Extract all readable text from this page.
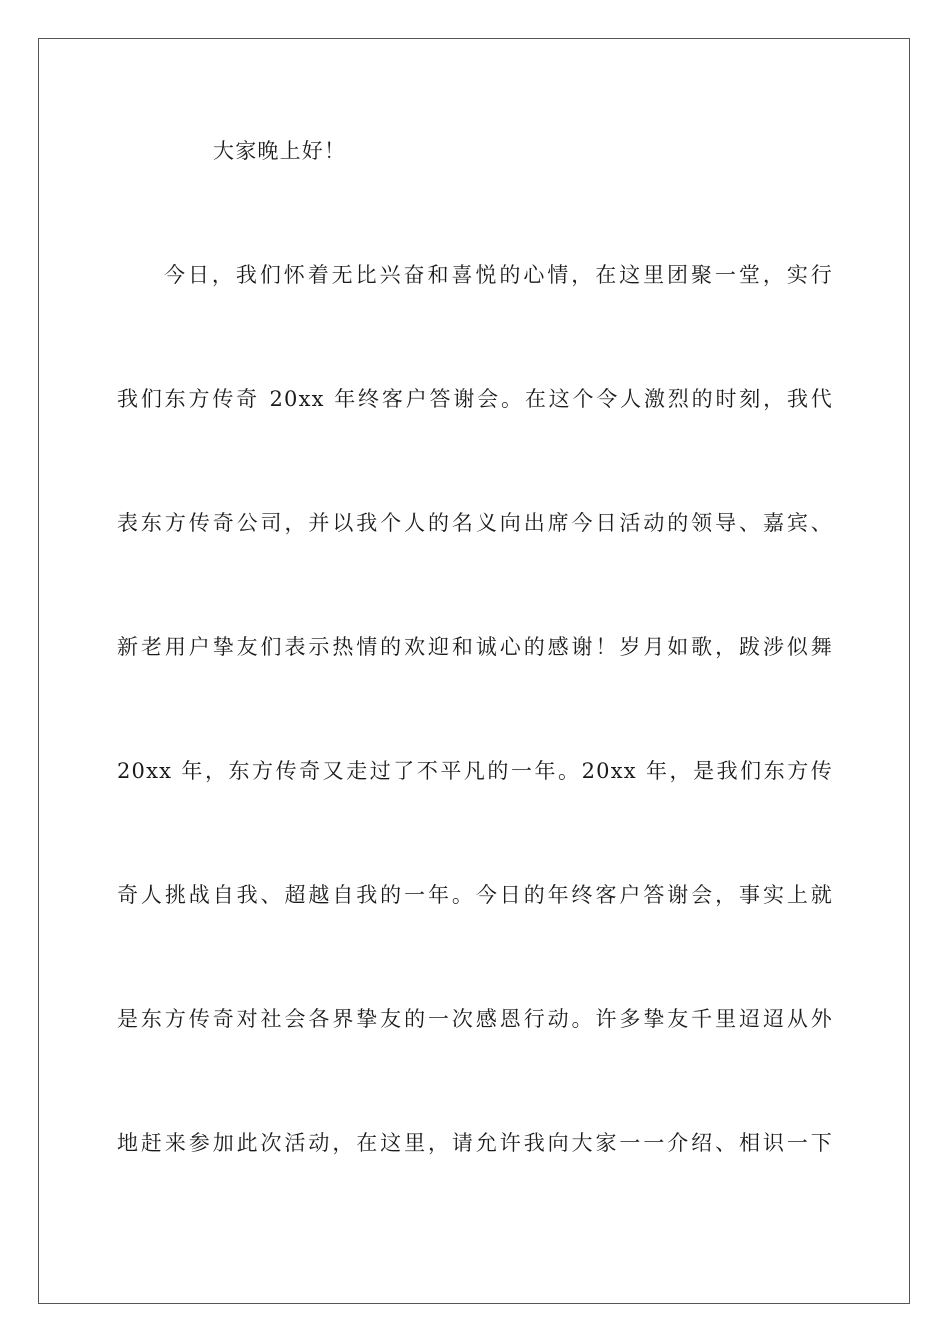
大家晚上好！
今日，我们怀着无比兴奋和喜悦的心情，在这里团聚一堂，实行
我们东方传奇 20xx 年终客户答谢会。在这个令人激烈的时刻，我代
表东方传奇公司，并以我个人的名义向出席今日活动的领导、嘉宾、
新老用户挚友们表示热情的欢迎和诚心的感谢！岁月如歌，跋涉似舞
20xx 年，东方传奇又走过了不平凡的一年。20xx 年，是我们东方传
奇人挑战自我、超越自我的一年。今日的年终客户答谢会，事实上就
是东方传奇对社会各界挚友的一次感恩行动。许多挚友千里迢迢从外
地赶来参加此次活动，在这里，请允许我向大家一一介绍、相识一下
